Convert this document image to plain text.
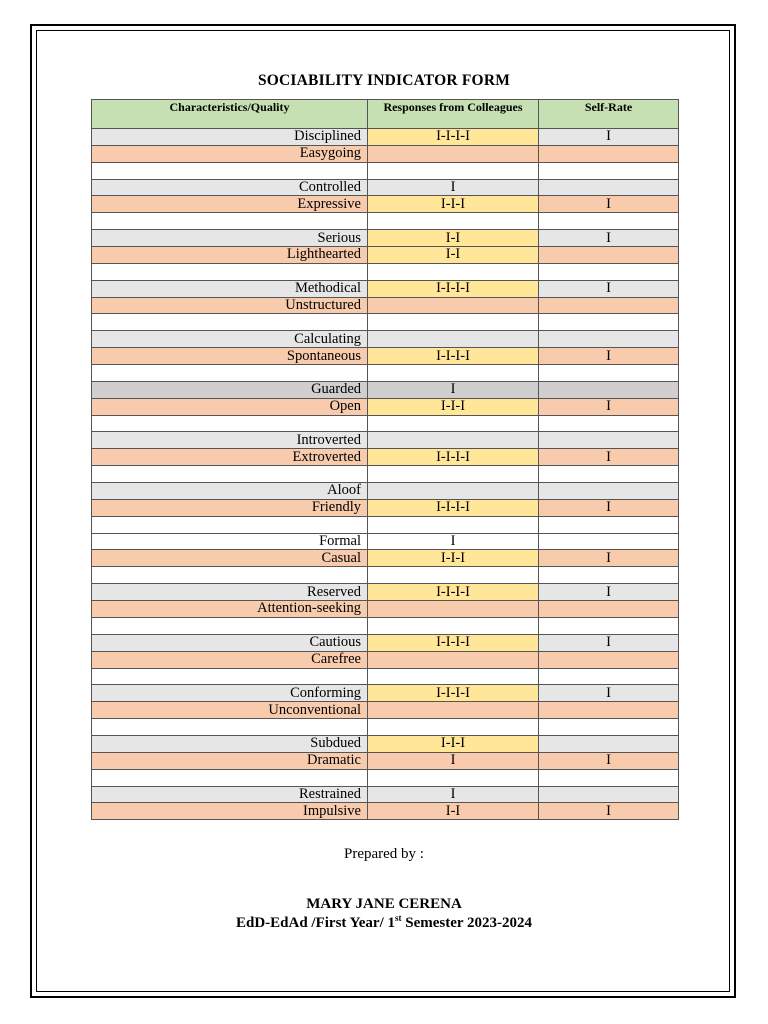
SOCIABILITY INDICATOR FORM
Characteristics/Quality	Responses from Colleagues	Self-Rate
Disciplined	I-I-I-I	I
Easygoing		

Controlled	I	
Expressive	I-I-I	I

Serious	I-I	I
Lighthearted	I-I	

Methodical	I-I-I-I	I
Unstructured		

Calculating		
Spontaneous	I-I-I-I	I

Guarded	I	
Open	I-I-I	I

Introverted		
Extroverted	I-I-I-I	I

Aloof		
Friendly	I-I-I-I	I

Formal	I	
Casual	I-I-I	I

Reserved	I-I-I-I	I
Attention-seeking		

Cautious	I-I-I-I	I
Carefree		

Conforming	I-I-I-I	I
Unconventional		

Subdued	I-I-I	
Dramatic	I	I

Restrained	I	
Impulsive	I-I	I
Prepared by :
MARY JANE CERENA
EdD-EdAd /First Year/ 1st Semester 2023-2024
